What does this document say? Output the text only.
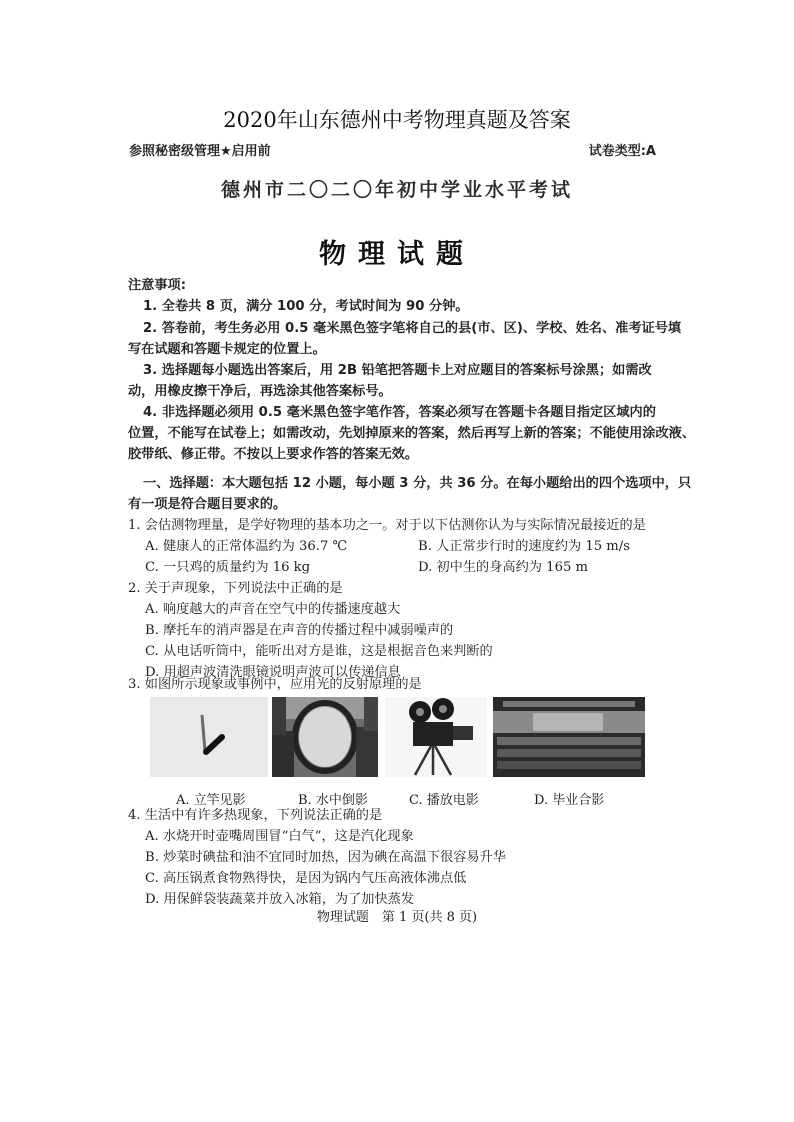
2020年山东德州中考物理真题及答案
参照秘密级管理★启用前	试卷类型:A
德州市二〇二〇年初中学业水平考试
物理试题
注意事项:
1. 全卷共 8 页，满分 100 分，考试时间为 90 分钟。
2. 答卷前，考生务必用 0.5 毫米黑色签字笔将自己的县(市、区)、学校、姓名、准考证号填
写在试题和答题卡规定的位置上。
3. 选择题每小题选出答案后，用 2B 铅笔把答题卡上对应题目的答案标号涂黑；如需改
动，用橡皮擦干净后，再选涂其他答案标号。
4. 非选择题必须用 0.5 毫米黑色签字笔作答，答案必须写在答题卡各题目指定区域内的
位置，不能写在试卷上；如需改动，先划掉原来的答案，然后再写上新的答案；不能使用涂改液、
胶带纸、修正带。不按以上要求作答的答案无效。
一、选择题：本大题包括 12 小题，每小题 3 分，共 36 分。在每小题给出的四个选项中，只
有一项是符合题目要求的。
1. 会估测物理量，是学好物理的基本功之一。对于以下估测你认为与实际情况最接近的是
A. 健康人的正常体温约为 36.7 ℃	B. 人正常步行时的速度约为 15 m/s
C. 一只鸡的质量约为 16 kg	D. 初中生的身高约为 165 m
2. 关于声现象，下列说法中正确的是
A. 响度越大的声音在空气中的传播速度越大
B. 摩托车的消声器是在声音的传播过程中减弱噪声的
C. 从电话听筒中，能听出对方是谁，这是根据音色来判断的
D. 用超声波清洗眼镜说明声波可以传递信息
3. 如图所示现象或事例中，应用光的反射原理的是
A. 立竿见影	B. 水中倒影	C. 播放电影	D. 毕业合影
4. 生活中有许多热现象，下列说法正确的是
A. 水烧开时壶嘴周围冒“白气”，这是汽化现象
B. 炒菜时碘盐和油不宜同时加热，因为碘在高温下很容易升华
C. 高压锅煮食物熟得快，是因为锅内气压高液体沸点低
D. 用保鲜袋装蔬菜并放入冰箱，为了加快蒸发
物理试题　第 1 页(共 8 页)
